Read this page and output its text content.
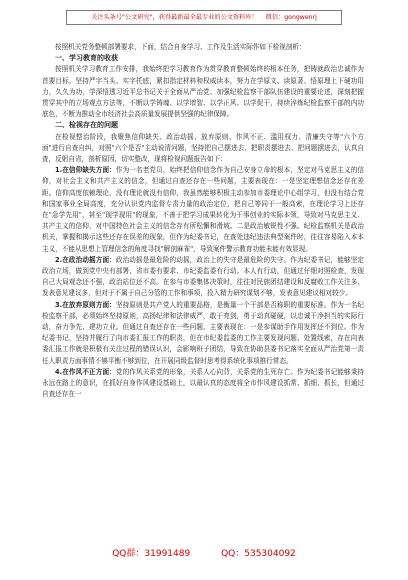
关注头条号"公文研究"，获得最新最全最专业的公文资料库！ 微信：gongwenrj

按照机关党务整顿部署要求，下面，结合自身学习、工作及生活实际作如下检视剖析：

一、学习教育的收获

按照机关学习教育工作安排，我始终把学习教育作为贯穿教育整顿始终的根本任务，把铸就政治忠诚作为首要目标，坚持严字当头、实字托底，紧扣指定材料和权威读本，努力在学原文、读原著、悟原理上下硬功用力，久久为功，学深悟透习近平总书记关于全面从严治党、加强纪检监察干部队伍建设的重要论述，深刻把握贯穿其中的立场观点方法等，不断以学铸魂、以学增智、以学正风、以学促干，持续淬炼纪检监察干部的内功底色，不断为推动全市经济社会高质量发展提供坚强的纪律保障。

二、检视存在的问题

在检视整治阶段，我聚焦信仰缺失、政治动摇、放弃原则、作风不正、滥用权力、清廉失守等"六个方面"进行自查自纠，对照"六个是否"主动说清问题，坚持把自己摆进去、把职责摆进去、把问题摆进去，认真自查，反躬自省，剖析原因，切实整改，现将检视问题报告如下：

1.在信仰缺失方面：作为一名老党员，始终把信仰信念作为自己安身立命的根本，坚定对马克思主义的信仰，对社会主义和共产主义的信念，但通过自查还存在一些问题，主要表现在：一是坚定理想信念还存在差距。信仰高度依赖理论，没有理论就没有信仰，我虽然能够积极主动参加市委理论中心组学习，但没有结合党和国家事业全局高度，充分认识党内监督专责力量的政治定位，把自己等同于一般高索，在理论学习上还存在"急学先用"，甚至"现学现用"的现象，不善于把学习成果转化为干事创业的实际本领，导致对马克思主义、共产主义的信仰，对中国特色社会主义的信念存有所松懈和滑坡。二是政治敏锐性不强。纪检监察机关是政治机关，掌握和揭示这些还存在误差的现象，但作为纪委书记，在查处违纪违法典型案件时，往往容易陷入本本主义，不能从思想上管理信念的角度寻找"解剖麻雀"，导致案件警示教育功能未能有效显现。

2.在政治动摇方面：政治动摇是最危险的动摇，政治上的失守是最危险的失守。作为纪委书记，能够坚定政治立场，做到党中央有部署，省市委有要求、市纪委监委有行动。本人有行动，但通过仔细对照检查，发现自己大局观念还不强，政治站位还不高。在参与市委集体决策时，往往对民族团结建设和反腐败工作关注多、发表意见建议多，但对于不属于自己分管的工作和事项，投入精力研究谋划不够，发表意见建议相对较少。

3.在放弃原则方面：坚持原则是共产党人的重要品格，是衡量一个干部是否称职的重要标准。作为一名纪检监察干部，必须始终坚持原则，高扬纪律和法律威严，敢于亮剑，勇于动真碰硬，以忠诚干净担当的实际行动，奋力争先、建功立业。但通过自查还存在一些问题，主要表现在：一是参谋助手作用发挥还不到位。作为纪委书记，坚持并履行了向市委汇报工作的职责，但在市纪委监委的工作主要发现问题、处置线索，存在向表委汇报工作就是积极有关注过程的错误认识，会影响班子团结，导致在协助县委书记落实全面从严治党第一责任人职责方面事情不够平衡不够到位，在开展同级监督时思考得系统化事项推行常态。

4.在作风不正方面：党的作风关系党的形象，关系人心向背，关系党的生死存亡。作为纪委书记能够秉持永远在路上的意识，在抓好自身作风建设基础上，以最认真的态度将全市作风建设抓常、抓细、抓长，但通过自查还存在一

QQ群：31991489	QQ：535304092
